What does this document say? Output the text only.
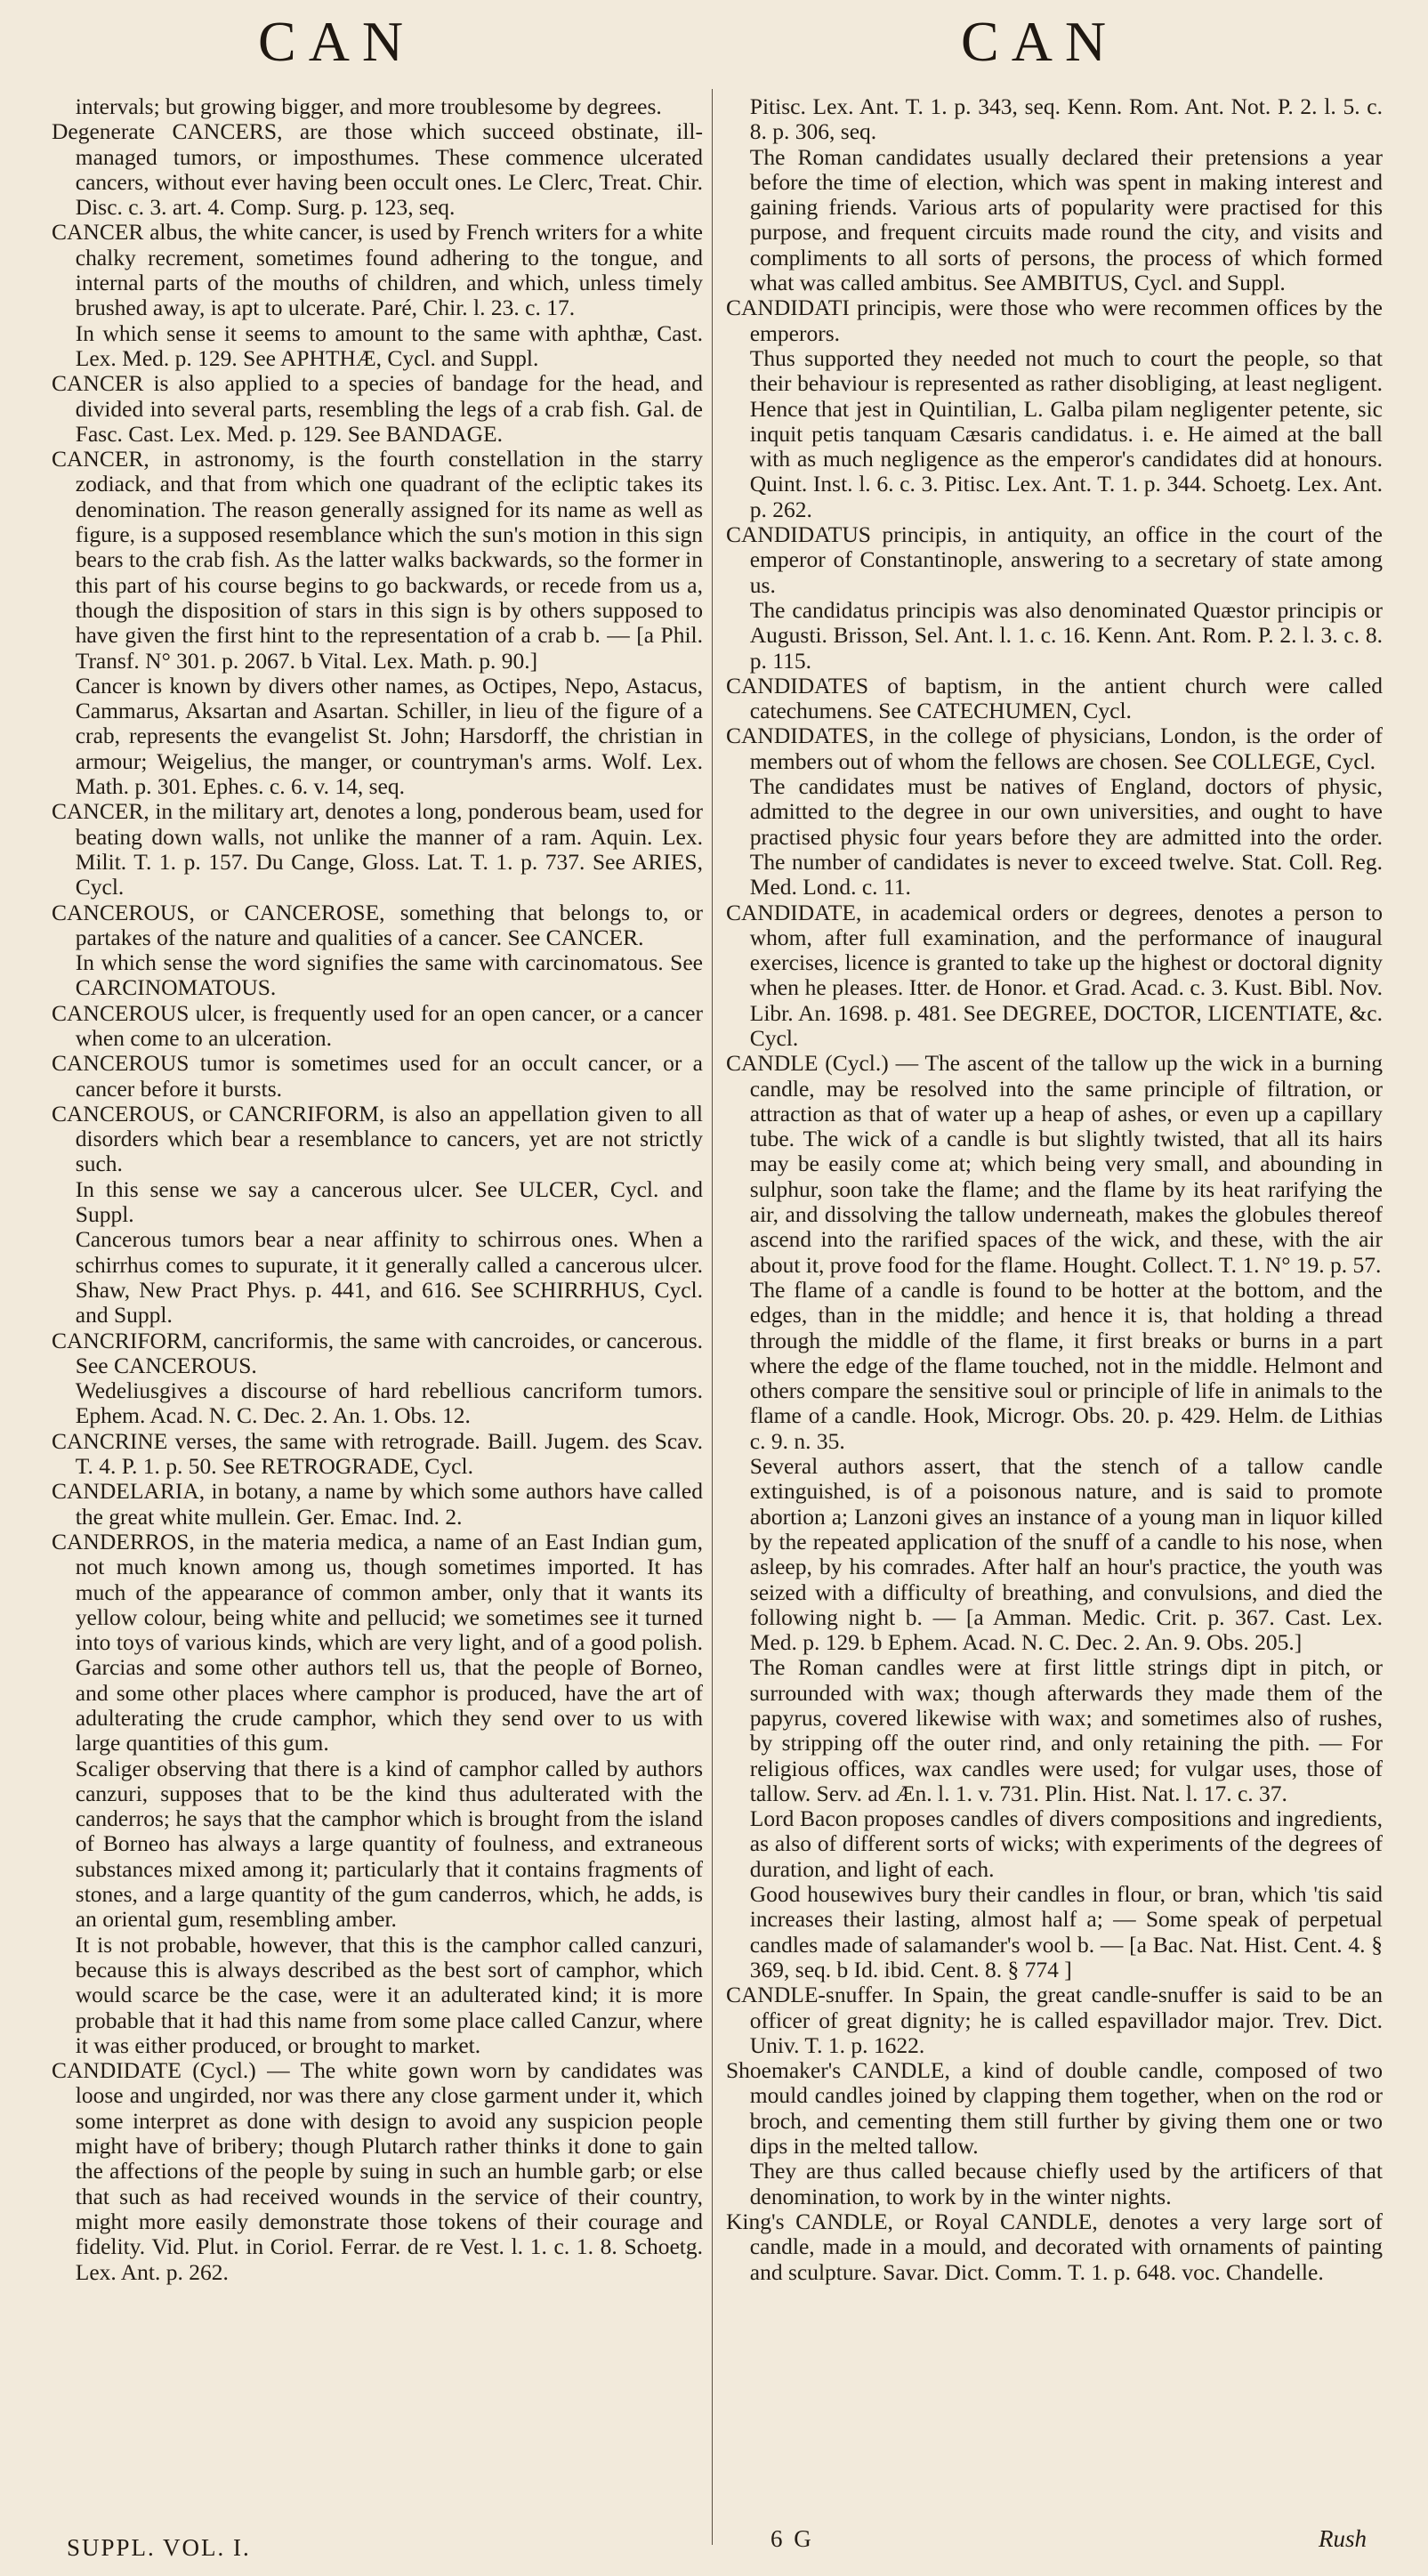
CAN	CAN

intervals; but growing bigger, and more troublesome by degrees.

Degenerate CANCERS, are those which succeed obstinate, ill-managed tumors, or imposthumes. These commence ulcerated cancers, without ever having been occult ones. Le Clerc, Treat. Chir. Disc. c. 3. art. 4. Comp. Surg. p. 123, seq.

CANCER albus, the white cancer, is used by French writers for a white chalky recrement, sometimes found adhering to the tongue, and internal parts of the mouths of children, and which, unless timely brushed away, is apt to ulcerate. Paré, Chir. l. 23. c. 17.

In which sense it seems to amount to the same with aphthæ, Cast. Lex. Med. p. 129. See APHTHÆ, Cycl. and Suppl.

CANCER is also applied to a species of bandage for the head, and divided into several parts, resembling the legs of a crab fish. Gal. de Fasc. Cast. Lex. Med. p. 129. See BANDAGE.

CANCER, in astronomy, is the fourth constellation in the starry zodiack, and that from which one quadrant of the ecliptic takes its denomination. The reason generally assigned for its name as well as figure, is a supposed resemblance which the sun's motion in this sign bears to the crab fish. As the latter walks backwards, so the former in this part of his course begins to go backwards, or recede from us a, though the disposition of stars in this sign is by others supposed to have given the first hint to the representation of a crab b. — [a Phil. Transf. N° 301. p. 2067. b Vital. Lex. Math. p. 90.]

Cancer is known by divers other names, as Octipes, Nepo, Astacus, Cammarus, Aksartan and Asartan. Schiller, in lieu of the figure of a crab, represents the evangelist St. John; Harsdorff, the christian in armour; Weigelius, the manger, or countryman's arms. Wolf. Lex. Math. p. 301. Ephes. c. 6. v. 14, seq.

CANCER, in the military art, denotes a long, ponderous beam, used for beating down walls, not unlike the manner of a ram. Aquin. Lex. Milit. T. 1. p. 157. Du Cange, Gloss. Lat. T. 1. p. 737. See ARIES, Cycl.

CANCEROUS, or CANCEROSE, something that belongs to, or partakes of the nature and qualities of a cancer. See CANCER.

In which sense the word signifies the same with carcinomatous. See CARCINOMATOUS.

CANCEROUS ulcer, is frequently used for an open cancer, or a cancer when come to an ulceration.

CANCEROUS tumor is sometimes used for an occult cancer, or a cancer before it bursts.

CANCEROUS, or CANCRIFORM, is also an appellation given to all disorders which bear a resemblance to cancers, yet are not strictly such.

In this sense we say a cancerous ulcer. See ULCER, Cycl. and Suppl.

Cancerous tumors bear a near affinity to schirrous ones. When a schirrhus comes to supurate, it it generally called a cancerous ulcer. Shaw, New Pract Phys. p. 441, and 616. See SCHIRRHUS, Cycl. and Suppl.

CANCRIFORM, cancriformis, the same with cancroides, or cancerous. See CANCEROUS.

Wedeliusgives a discourse of hard rebellious cancriform tumors. Ephem. Acad. N. C. Dec. 2. An. 1. Obs. 12.

CANCRINE verses, the same with retrograde. Baill. Jugem. des Scav. T. 4. P. 1. p. 50. See RETROGRADE, Cycl.

CANDELARIA, in botany, a name by which some authors have called the great white mullein. Ger. Emac. Ind. 2.

CANDERROS, in the materia medica, a name of an East Indian gum, not much known among us, though sometimes imported. It has much of the appearance of common amber, only that it wants its yellow colour, being white and pellucid; we sometimes see it turned into toys of various kinds, which are very light, and of a good polish. Garcias and some other authors tell us, that the people of Borneo, and some other places where camphor is produced, have the art of adulterating the crude camphor, which they send over to us with large quantities of this gum.

Scaliger observing that there is a kind of camphor called by authors canzuri, supposes that to be the kind thus adulterated with the canderros; he says that the camphor which is brought from the island of Borneo has always a large quantity of foulness, and extraneous substances mixed among it; particularly that it contains fragments of stones, and a large quantity of the gum canderros, which, he adds, is an oriental gum, resembling amber.

It is not probable, however, that this is the camphor called canzuri, because this is always described as the best sort of camphor, which would scarce be the case, were it an adulterated kind; it is more probable that it had this name from some place called Canzur, where it was either produced, or brought to market.

CANDIDATE (Cycl.) — The white gown worn by candidates was loose and ungirded, nor was there any close garment under it, which some interpret as done with design to avoid any suspicion people might have of bribery; though Plutarch rather thinks it done to gain the affections of the people by suing in such an humble garb; or else that such as had received wounds in the service of their country, might more easily demonstrate those tokens of their courage and fidelity. Vid. Plut. in Coriol. Ferrar. de re Vest. l. 1. c. 1. 8. Schoetg. Lex. Ant. p. 262.

Pitisc. Lex. Ant. T. 1. p. 343, seq. Kenn. Rom. Ant. Not. P. 2. l. 5. c. 8. p. 306, seq.

The Roman candidates usually declared their pretensions a year before the time of election, which was spent in making interest and gaining friends. Various arts of popularity were practised for this purpose, and frequent circuits made round the city, and visits and compliments to all sorts of persons, the process of which formed what was called ambitus. See AMBITUS, Cycl. and Suppl.

CANDIDATI principis, were those who were recommen offices by the emperors.

Thus supported they needed not much to court the people, so that their behaviour is represented as rather disobliging, at least negligent. Hence that jest in Quintilian, L. Galba pilam negligenter petente, sic inquit petis tanquam Cæsaris candidatus. i. e. He aimed at the ball with as much negligence as the emperor's candidates did at honours. Quint. Inst. l. 6. c. 3. Pitisc. Lex. Ant. T. 1. p. 344. Schoetg. Lex. Ant. p. 262.

CANDIDATUS principis, in antiquity, an office in the court of the emperor of Constantinople, answering to a secretary of state among us.

The candidatus principis was also denominated Quæstor principis or Augusti. Brisson, Sel. Ant. l. 1. c. 16. Kenn. Ant. Rom. P. 2. l. 3. c. 8. p. 115.

CANDIDATES of baptism, in the antient church were called catechumens. See CATECHUMEN, Cycl.

CANDIDATES, in the college of physicians, London, is the order of members out of whom the fellows are chosen. See COLLEGE, Cycl.

The candidates must be natives of England, doctors of physic, admitted to the degree in our own universities, and ought to have practised physic four years before they are admitted into the order. The number of candidates is never to exceed twelve. Stat. Coll. Reg. Med. Lond. c. 11.

CANDIDATE, in academical orders or degrees, denotes a person to whom, after full examination, and the performance of inaugural exercises, licence is granted to take up the highest or doctoral dignity when he pleases. Itter. de Honor. et Grad. Acad. c. 3. Kust. Bibl. Nov. Libr. An. 1698. p. 481. See DEGREE, DOCTOR, LICENTIATE, &c. Cycl.

CANDLE (Cycl.) — The ascent of the tallow up the wick in a burning candle, may be resolved into the same principle of filtration, or attraction as that of water up a heap of ashes, or even up a capillary tube. The wick of a candle is but slightly twisted, that all its hairs may be easily come at; which being very small, and abounding in sulphur, soon take the flame; and the flame by its heat rarifying the air, and dissolving the tallow underneath, makes the globules thereof ascend into the rarified spaces of the wick, and these, with the air about it, prove food for the flame. Hought. Collect. T. 1. N° 19. p. 57.

The flame of a candle is found to be hotter at the bottom, and the edges, than in the middle; and hence it is, that holding a thread through the middle of the flame, it first breaks or burns in a part where the edge of the flame touched, not in the middle. Helmont and others compare the sensitive soul or principle of life in animals to the flame of a candle. Hook, Microgr. Obs. 20. p. 429. Helm. de Lithias c. 9. n. 35.

Several authors assert, that the stench of a tallow candle extinguished, is of a poisonous nature, and is said to promote abortion a; Lanzoni gives an instance of a young man in liquor killed by the repeated application of the snuff of a candle to his nose, when asleep, by his comrades. After half an hour's practice, the youth was seized with a difficulty of breathing, and convulsions, and died the following night b. — [a Amman. Medic. Crit. p. 367. Cast. Lex. Med. p. 129. b Ephem. Acad. N. C. Dec. 2. An. 9. Obs. 205.]

The Roman candles were at first little strings dipt in pitch, or surrounded with wax; though afterwards they made them of the papyrus, covered likewise with wax; and sometimes also of rushes, by stripping off the outer rind, and only retaining the pith. — For religious offices, wax candles were used; for vulgar uses, those of tallow. Serv. ad Æn. l. 1. v. 731. Plin. Hist. Nat. l. 17. c. 37.

Lord Bacon proposes candles of divers compositions and ingredients, as also of different sorts of wicks; with experiments of the degrees of duration, and light of each.

Good housewives bury their candles in flour, or bran, which 'tis said increases their lasting, almost half a; — Some speak of perpetual candles made of salamander's wool b. — [a Bac. Nat. Hist. Cent. 4. § 369, seq. b Id. ibid. Cent. 8. § 774 ]

CANDLE-snuffer. In Spain, the great candle-snuffer is said to be an officer of great dignity; he is called espavillador major. Trev. Dict. Univ. T. 1. p. 1622.

Shoemaker's CANDLE, a kind of double candle, composed of two mould candles joined by clapping them together, when on the rod or broch, and cementing them still further by giving them one or two dips in the melted tallow.

They are thus called because chiefly used by the artificers of that denomination, to work by in the winter nights.

King's CANDLE, or Royal CANDLE, denotes a very large sort of candle, made in a mould, and decorated with ornaments of painting and sculpture. Savar. Dict. Comm. T. 1. p. 648. voc. Chandelle.

SUPPL. VOL. I.	6 G	Rush
